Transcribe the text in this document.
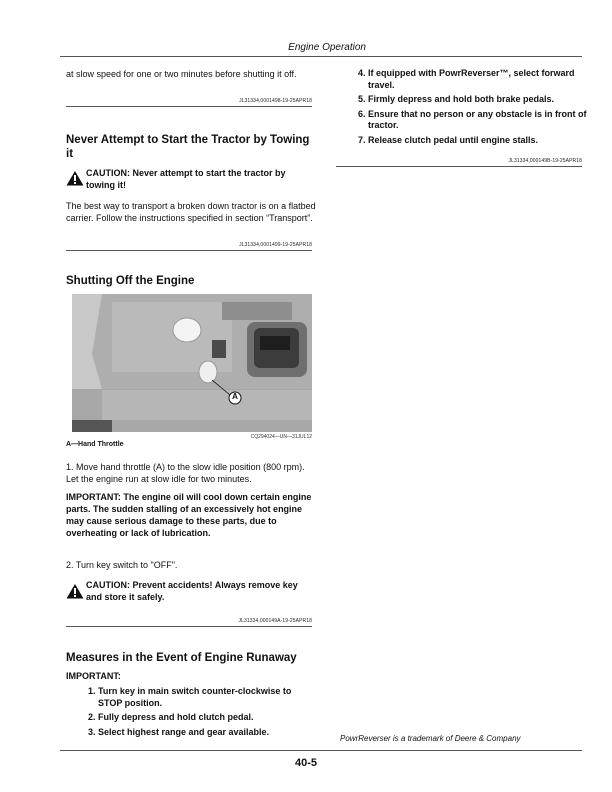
Engine Operation
at slow speed for one or two minutes before shutting it off.
JL31334,0001498-19-25APR18
Never Attempt to Start the Tractor by Towing it
CAUTION: Never attempt to start the tractor by towing it!
The best way to transport a broken down tractor is on a flatbed carrier. Follow the instructions specified in section “Transport”.
JL31334,0001499-19-25APR18
Shutting Off the Engine
A
CQ294024—UN—31JUL12
A—Hand Throttle
1. Move hand throttle (A) to the slow idle position (800 rpm). Let the engine run at slow idle for two minutes.
IMPORTANT: The engine oil will cool down certain engine parts. The sudden stalling of an excessively hot engine may cause serious damage to these parts, due to overheating or lack of lubrication.
2. Turn key switch to "OFF".
CAUTION: Prevent accidents! Always remove key and store it safely.
JL31334,000149A-19-25APR18
Measures in the Event of Engine Runaway
IMPORTANT:
1. Turn key in main switch counter-clockwise to STOP position.
2. Fully depress and hold clutch pedal.
3. Select highest range and gear available.
4. If equipped with PowrReverser™, select forward travel.
5. Firmly depress and hold both brake pedals.
6. Ensure that no person or any obstacle is in front of tractor.
7. Release clutch pedal until engine stalls.
JL31334,000149B-19-25APR18
PowrReverser is a trademark of Deere & Company
40-5
